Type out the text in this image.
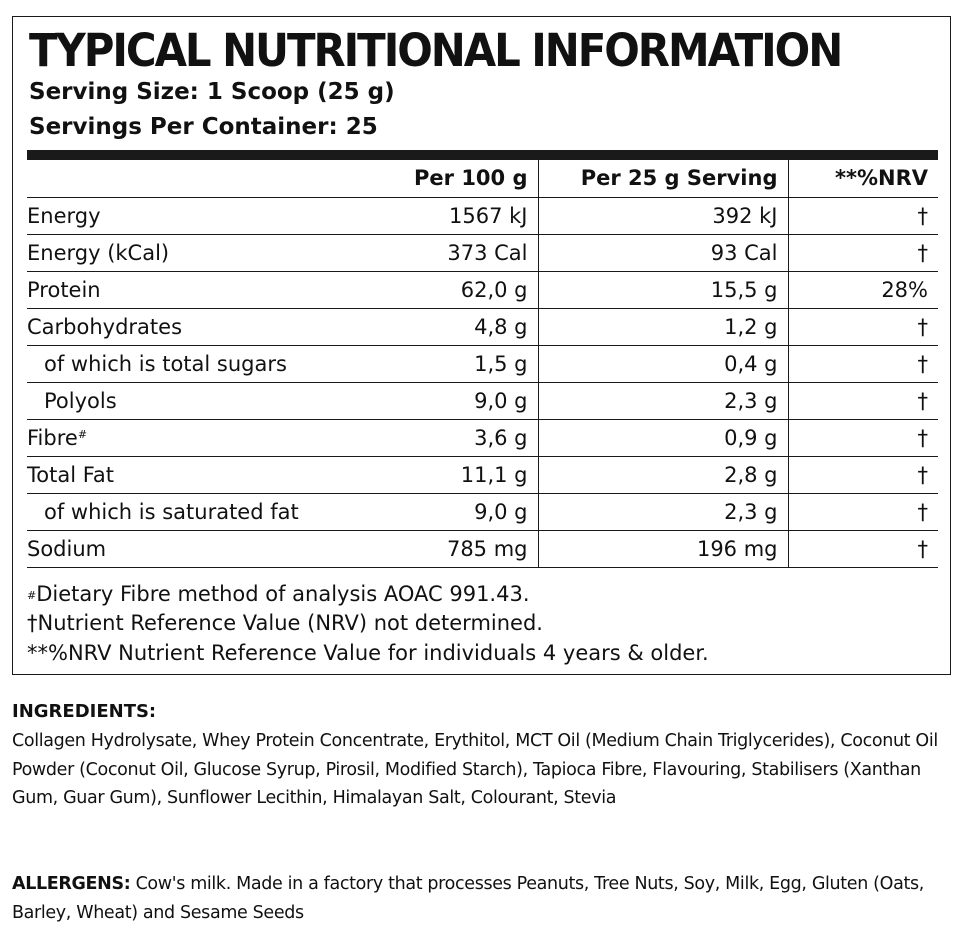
TYPICAL NUTRITIONAL INFORMATION
Serving Size: 1 Scoop (25 g)
Servings Per Container: 25
Per 100 g	Per 25 g Serving	**%NRV
Energy 1567 kJ	392 kJ	†
Energy (kCal) 373 Cal	93 Cal	†
Protein 62,0 g	15,5 g	28%
Carbohydrates 4,8 g	1,2 g	†
of which is total sugars 1,5 g	0,4 g	†
Polyols 9,0 g	2,3 g	†
Fibre# 3,6 g	0,9 g	†
Total Fat 11,1 g	2,8 g	†
of which is saturated fat 9,0 g	2,3 g	†
Sodium 785 mg	196 mg	†
#Dietary Fibre method of analysis AOAC 991.43.
†Nutrient Reference Value (NRV) not determined.
**%NRV Nutrient Reference Value for individuals 4 years & older.
INGREDIENTS:
Collagen Hydrolysate, Whey Protein Concentrate, Erythitol, MCT Oil (Medium Chain Triglycerides), Coconut Oil Powder (Coconut Oil, Glucose Syrup, Pirosil, Modified Starch), Tapioca Fibre, Flavouring, Stabilisers (Xanthan Gum, Guar Gum), Sunflower Lecithin, Himalayan Salt, Colourant, Stevia
ALLERGENS: Cow's milk. Made in a factory that processes Peanuts, Tree Nuts, Soy, Milk, Egg, Gluten (Oats, Barley, Wheat) and Sesame Seeds
